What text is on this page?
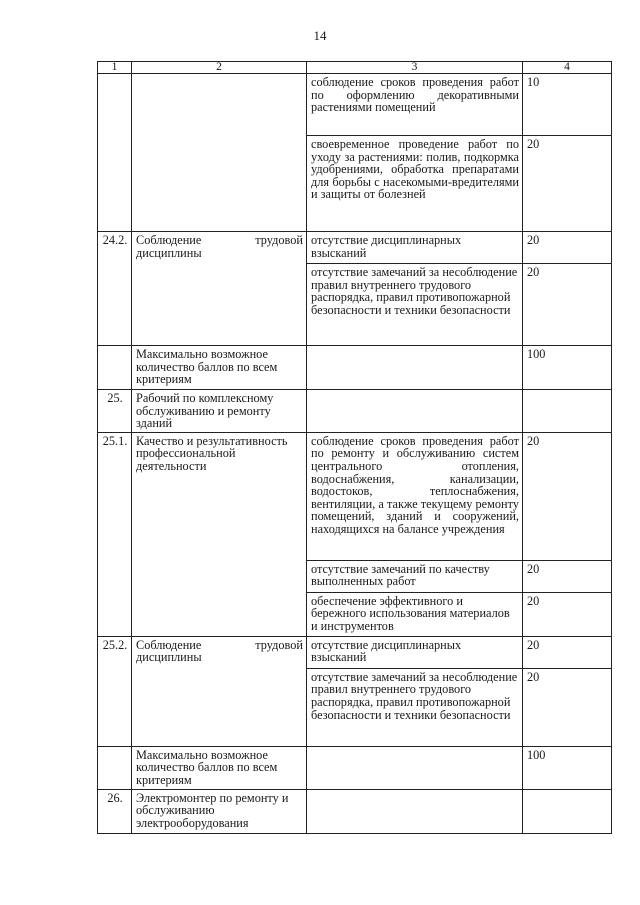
14
1	2	3	4
		соблюдение сроков проведения работ по оформлению декоративными растениями помещений	10
		своевременное проведение работ по уходу за растениями: полив, подкормка удобрениями, обработка препаратами для борьбы с насекомыми-вредителями и защиты от болезней	20
24.2.	Соблюдение трудовой дисциплины	отсутствие дисциплинарных взысканий	20
		отсутствие замечаний за несоблюдение правил внутреннего трудового распорядка, правил противопожарной безопасности и техники безопасности	20
	Максимально возможное количество баллов по всем критериям		100
25.	Рабочий по комплексному обслуживанию и ремонту зданий		
25.1.	Качество и результативность профессиональной деятельности	соблюдение сроков проведения работ по ремонту и обслуживанию систем центрального отопления, водоснабжения, канализации, водостоков, теплоснабжения, вентиляции, а также текущему ремонту помещений, зданий и сооружений, находящихся на балансе учреждения	20
		отсутствие замечаний по качеству выполненных работ	20
		обеспечение эффективного и бережного использования материалов и инструментов	20
25.2.	Соблюдение трудовой дисциплины	отсутствие дисциплинарных взысканий	20
		отсутствие замечаний за несоблюдение правил внутреннего трудового распорядка, правил противопожарной безопасности и техники безопасности	20
	Максимально возможное количество баллов по всем критериям		100
26.	Электромонтер по ремонту и обслуживанию электрооборудования		
